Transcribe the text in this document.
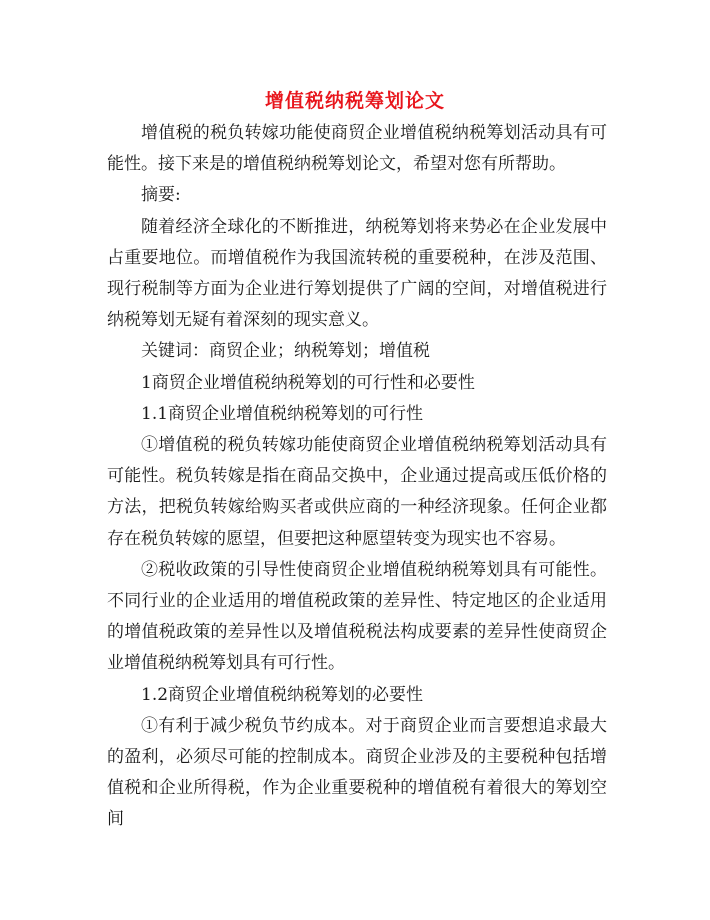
增值税纳税筹划论文

增值税的税负转嫁功能使商贸企业增值税纳税筹划活动具有可能性。接下来是的增值税纳税筹划论文，希望对您有所帮助。

摘要:

随着经济全球化的不断推进，纳税筹划将来势必在企业发展中占重要地位。而增值税作为我国流转税的重要税种，在涉及范围、现行税制等方面为企业进行筹划提供了广阔的空间，对增值税进行纳税筹划无疑有着深刻的现实意义。

关键词：商贸企业；纳税筹划；增值税

1商贸企业增值税纳税筹划的可行性和必要性

1.1商贸企业增值税纳税筹划的可行性

①增值税的税负转嫁功能使商贸企业增值税纳税筹划活动具有可能性。税负转嫁是指在商品交换中，企业通过提高或压低价格的方法，把税负转嫁给购买者或供应商的一种经济现象。任何企业都存在税负转嫁的愿望，但要把这种愿望转变为现实也不容易。

②税收政策的引导性使商贸企业增值税纳税筹划具有可能性。不同行业的企业适用的增值税政策的差异性、特定地区的企业适用的增值税政策的差异性以及增值税税法构成要素的差异性使商贸企业增值税纳税筹划具有可行性。

1.2商贸企业增值税纳税筹划的必要性

①有利于减少税负节约成本。对于商贸企业而言要想追求最大的盈利，必须尽可能的控制成本。商贸企业涉及的主要税种包括增值税和企业所得税，作为企业重要税种的增值税有着很大的筹划空间
